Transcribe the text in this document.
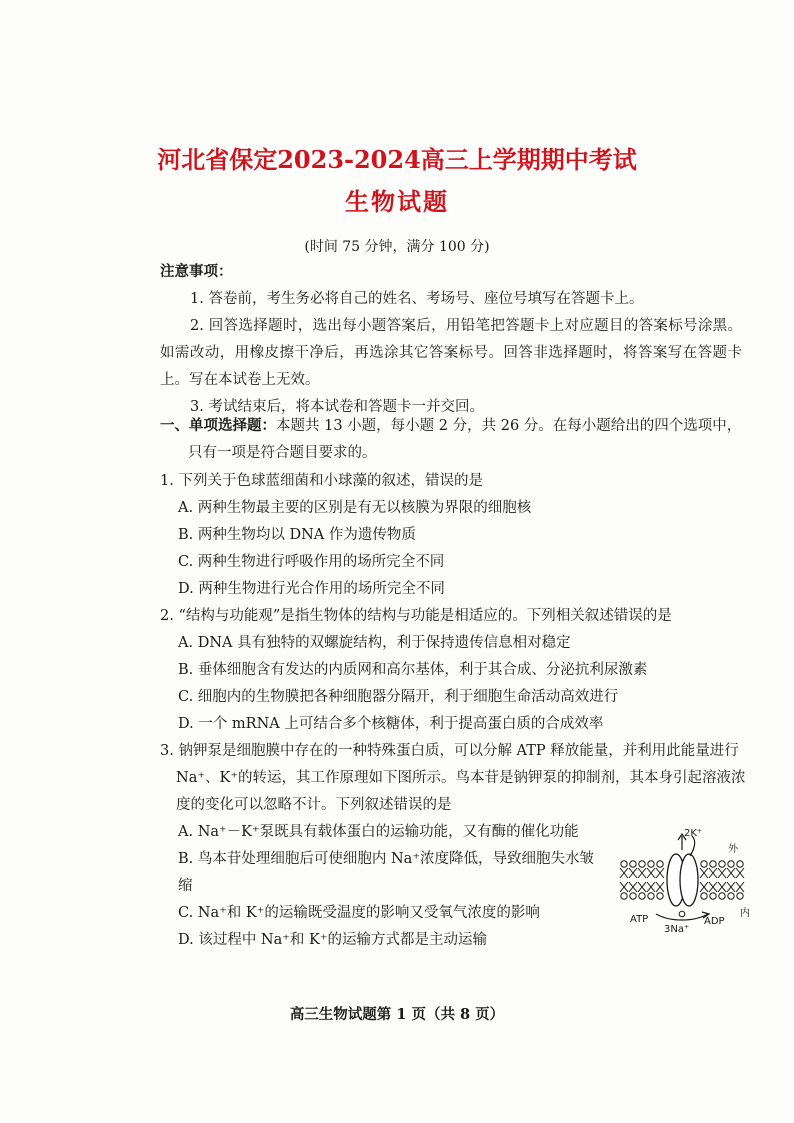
河北省保定2023-2024高三上学期期中考试
生物试题
(时间 75 分钟，满分 100 分)
注意事项：

1. 答卷前，考生务必将自己的姓名、考场号、座位号填写在答题卡上。

2. 回答选择题时，选出每小题答案后，用铅笔把答题卡上对应题目的答案标号涂黑。如需改动，用橡皮擦干净后，再选涂其它答案标号。回答非选择题时，将答案写在答题卡上。写在本试卷上无效。

3. 考试结束后，将本试卷和答题卡一并交回。

一、单项选择题：本题共 13 小题，每小题 2 分，共 26 分。在每小题给出的四个选项中，只有一项是符合题目要求的。

1. 下列关于色球蓝细菌和小球藻的叙述，错误的是

A. 两种生物最主要的区别是有无以核膜为界限的细胞核

B. 两种生物均以 DNA 作为遗传物质

C. 两种生物进行呼吸作用的场所完全不同

D. 两种生物进行光合作用的场所完全不同

2. “结构与功能观”是指生物体的结构与功能是相适应的。下列相关叙述错误的是

A. DNA 具有独特的双螺旋结构，利于保持遗传信息相对稳定

B. 垂体细胞含有发达的内质网和高尔基体，利于其合成、分泌抗利尿激素

C. 细胞内的生物膜把各种细胞器分隔开，利于细胞生命活动高效进行

D. 一个 mRNA 上可结合多个核糖体，利于提高蛋白质的合成效率

3. 钠钾泵是细胞膜中存在的一种特殊蛋白质，可以分解 ATP 释放能量，并利用此能量进行 Na⁺、K⁺的转运，其工作原理如下图所示。鸟本苷是钠钾泵的抑制剂，其本身引起溶液浓度的变化可以忽略不计。下列叙述错误的是

A. Na⁺－K⁺泵既具有载体蛋白的运输功能，又有酶的催化功能

B. 鸟本苷处理细胞后可使细胞内 Na⁺浓度降低，导致细胞失水皱缩

C. Na⁺和 K⁺的运输既受温度的影响又受氧气浓度的影响

D. 该过程中 Na⁺和 K⁺的运输方式都是主动运输

2K⁺
外
内
ATP	ADP
3Na⁺
高三生物试题第 1 页（共 8 页）
